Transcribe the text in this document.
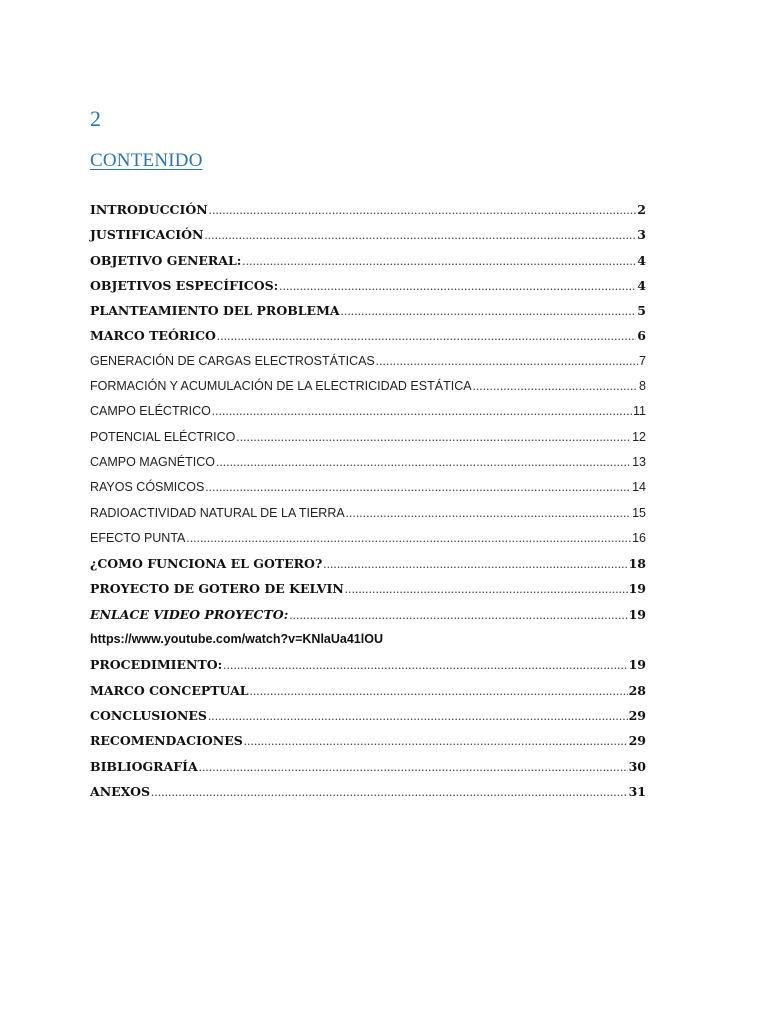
2
CONTENIDO
INTRODUCCIÓN .....	2
JUSTIFICACIÓN .....	3
OBJETIVO GENERAL: .....	4
OBJETIVOS ESPECÍFICOS: .....	4
PLANTEAMIENTO DEL PROBLEMA .....	5
MARCO TEÓRICO .....	6
GENERACIÓN DE CARGAS ELECTROSTÁTICAS .....	7
FORMACIÓN Y ACUMULACIÓN DE LA ELECTRICIDAD ESTÁTICA .....	8
CAMPO ELÉCTRICO .....	11
POTENCIAL ELÉCTRICO .....	12
CAMPO MAGNÉTICO .....	13
RAYOS CÓSMICOS .....	14
RADIOACTIVIDAD NATURAL DE LA TIERRA .....	15
EFECTO PUNTA .....	16
¿COMO FUNCIONA EL GOTERO? .....	18
PROYECTO DE GOTERO DE KELVIN .....	19
ENLACE VIDEO PROYECTO: .....	19
https://www.youtube.com/watch?v=KNlaUa41lOU
PROCEDIMIENTO: .....	19
MARCO CONCEPTUAL .....	28
CONCLUSIONES .....	29
RECOMENDACIONES .....	29
BIBLIOGRAFÍA .....	30
ANEXOS .....	31
